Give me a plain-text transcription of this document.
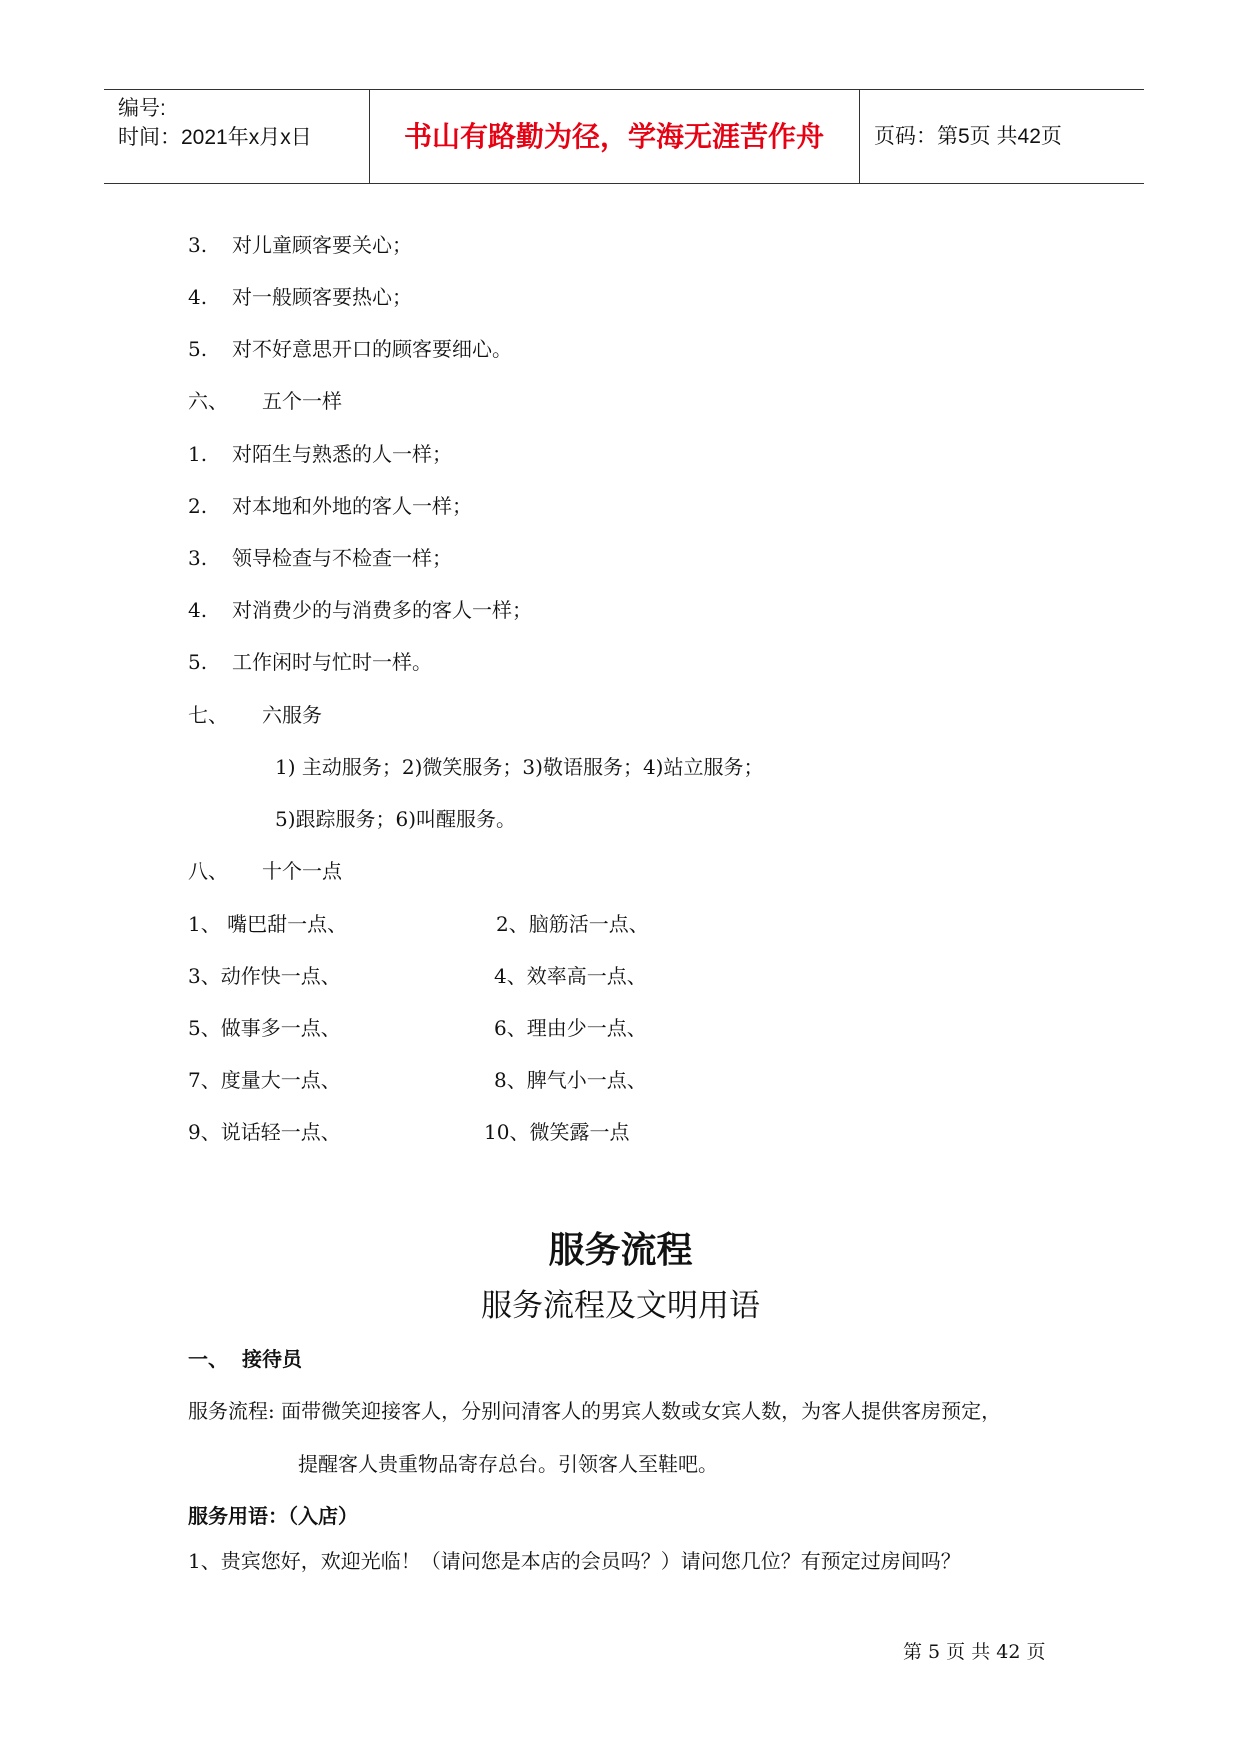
编号:
时间：2021年x月x日	书山有路勤为径，学海无涯苦作舟	页码：第5页 共42页
3. 对儿童顾客要关心；
4. 对一般顾客要热心；
5. 对不好意思开口的顾客要细心。
六、 五个一样
1. 对陌生与熟悉的人一样；
2. 对本地和外地的客人一样；
3. 领导检查与不检查一样；
4. 对消费少的与消费多的客人一样；
5. 工作闲时与忙时一样。
七、 六服务
1) 主动服务；2)微笑服务；3)敬语服务；4)站立服务；
5)跟踪服务；6)叫醒服务。
八、 十个一点
1、 嘴巴甜一点、	2、脑筋活一点、
3、动作快一点、	4、效率高一点、
5、做事多一点、	6、理由少一点、
7、度量大一点、	8、脾气小一点、
9、说话轻一点、	10、微笑露一点
服务流程
服务流程及文明用语
一、 接待员
服务流程: 面带微笑迎接客人，分别问清客人的男宾人数或女宾人数，为客人提供客房预定，
提醒客人贵重物品寄存总台。引领客人至鞋吧。
服务用语：（入店）
1、贵宾您好，欢迎光临！（请问您是本店的会员吗？）请问您几位？有预定过房间吗？
第 5 页 共 42 页
